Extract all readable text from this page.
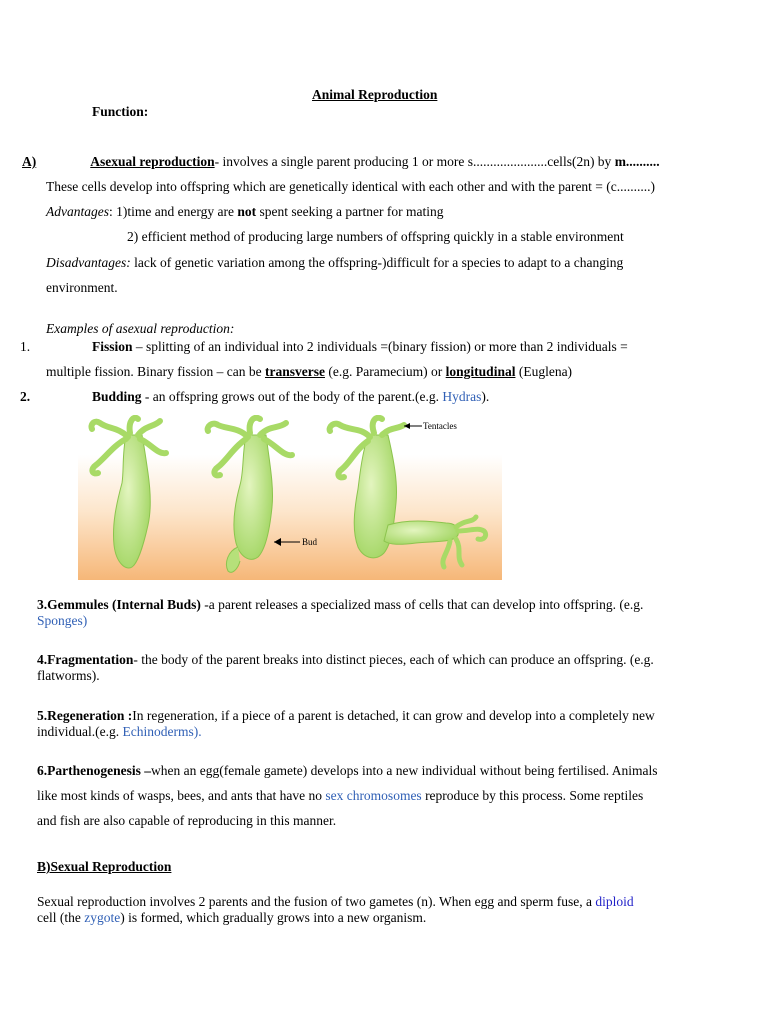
Animal Reproduction
Function:
A)	Asexual reproduction- involves a single parent producing 1 or more s......................cells(2n) by m..........
These cells develop into offspring which are genetically identical with each other and with the parent = (c..........)
Advantages: 1)time and energy are not spent seeking a partner for mating
2) efficient method of producing large numbers of offspring quickly in a stable environment
Disadvantages: lack of genetic variation among the offspring-)difficult for a species to adapt to a changing
environment.
Examples of asexual reproduction:
1.	Fission – splitting of an individual into 2 individuals =(binary fission) or more than 2 individuals =
multiple fission. Binary fission – can be transverse (e.g. Paramecium) or longitudinal (Euglena)
2.	Budding - an offspring grows out of the body of the parent.(e.g. Hydras).
Tentacles
Bud
3.Gemmules (Internal Buds) -a parent releases a specialized mass of cells that can develop into offspring. (e.g.
Sponges)
4.Fragmentation- the body of the parent breaks into distinct pieces, each of which can produce an offspring. (e.g.
flatworms).
5.Regeneration :In regeneration, if a piece of a parent is detached, it can grow and develop into a completely new
individual.(e.g. Echinoderms).
6.Parthenogenesis –when an egg(female gamete) develops into a new individual without being fertilised. Animals
like most kinds of wasps, bees, and ants that have no sex chromosomes reproduce by this process. Some reptiles
and fish are also capable of reproducing in this manner.
B)Sexual Reproduction
Sexual reproduction involves 2 parents and the fusion of two gametes (n). When egg and sperm fuse, a diploid
cell (the zygote) is formed, which gradually grows into a new organism.
